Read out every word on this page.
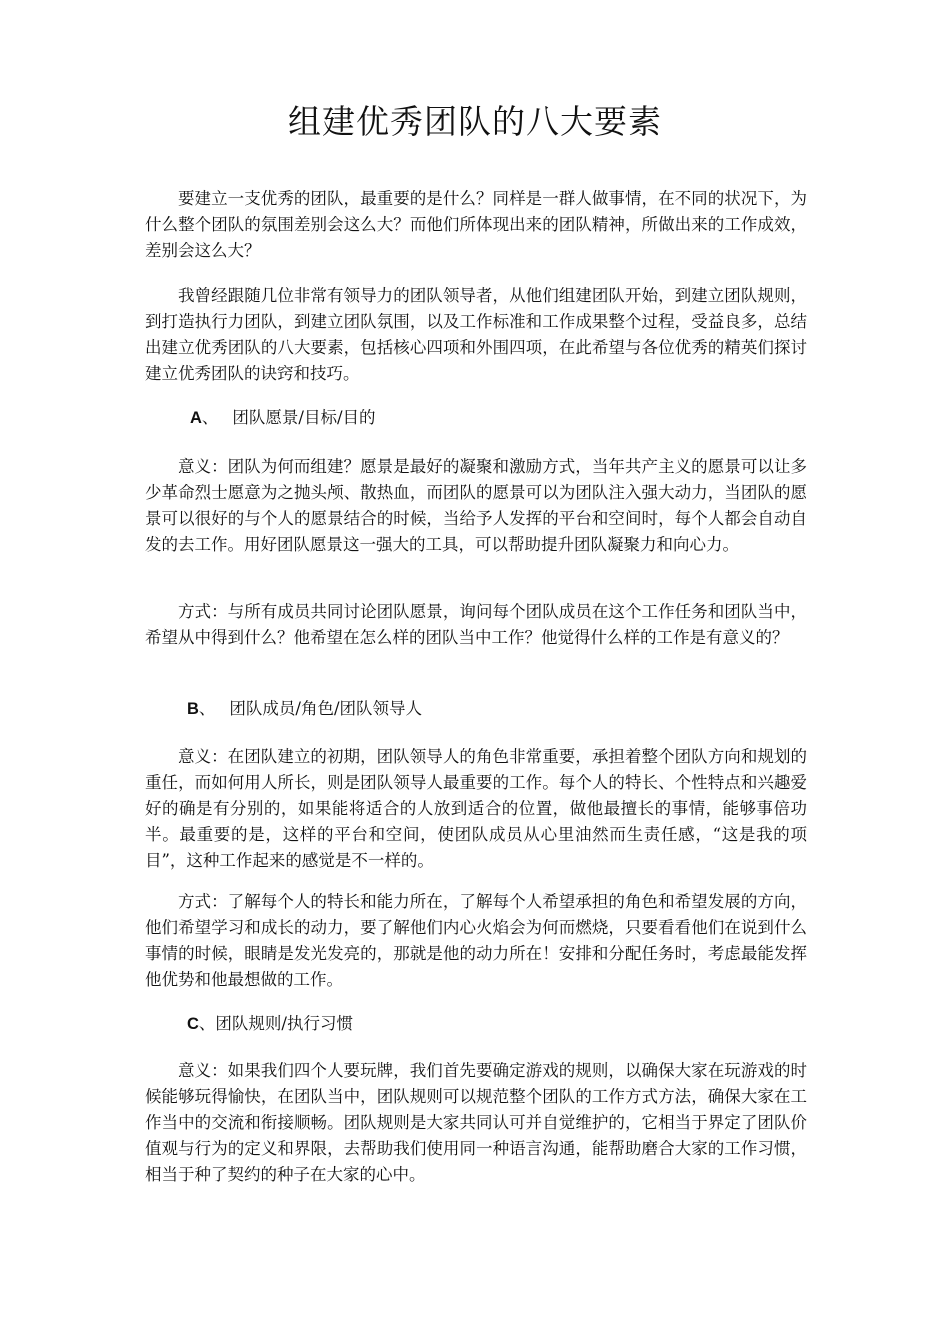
组建优秀团队的八大要素

要建立一支优秀的团队，最重要的是什么？同样是一群人做事情，在不同的状况下，为什么整个团队的氛围差别会这么大？而他们所体现出来的团队精神，所做出来的工作成效，差别会这么大？

我曾经跟随几位非常有领导力的团队领导者，从他们组建团队开始，到建立团队规则，到打造执行力团队，到建立团队氛围，以及工作标准和工作成果整个过程，受益良多，总结出建立优秀团队的八大要素，包括核心四项和外围四项，在此希望与各位优秀的精英们探讨建立优秀团队的诀窍和技巧。

A、 团队愿景/目标/目的

意义：团队为何而组建？愿景是最好的凝聚和激励方式，当年共产主义的愿景可以让多少革命烈士愿意为之抛头颅、散热血，而团队的愿景可以为团队注入强大动力，当团队的愿景可以很好的与个人的愿景结合的时候，当给予人发挥的平台和空间时，每个人都会自动自发的去工作。用好团队愿景这一强大的工具，可以帮助提升团队凝聚力和向心力。

方式：与所有成员共同讨论团队愿景，询问每个团队成员在这个工作任务和团队当中，希望从中得到什么？他希望在怎么样的团队当中工作？他觉得什么样的工作是有意义的？

B、 团队成员/角色/团队领导人

意义：在团队建立的初期，团队领导人的角色非常重要，承担着整个团队方向和规划的重任，而如何用人所长，则是团队领导人最重要的工作。每个人的特长、个性特点和兴趣爱好的确是有分别的，如果能将适合的人放到适合的位置，做他最擅长的事情，能够事倍功半。最重要的是，这样的平台和空间，使团队成员从心里油然而生责任感，“这是我的项目”，这种工作起来的感觉是不一样的。

方式：了解每个人的特长和能力所在，了解每个人希望承担的角色和希望发展的方向，他们希望学习和成长的动力，要了解他们内心火焰会为何而燃烧，只要看看他们在说到什么事情的时候，眼睛是发光发亮的，那就是他的动力所在！安排和分配任务时，考虑最能发挥他优势和他最想做的工作。

C、团队规则/执行习惯

意义：如果我们四个人要玩牌，我们首先要确定游戏的规则，以确保大家在玩游戏的时候能够玩得愉快，在团队当中，团队规则可以规范整个团队的工作方式方法，确保大家在工作当中的交流和衔接顺畅。团队规则是大家共同认可并自觉维护的，它相当于界定了团队价值观与行为的定义和界限，去帮助我们使用同一种语言沟通，能帮助磨合大家的工作习惯，相当于种了契约的种子在大家的心中。
